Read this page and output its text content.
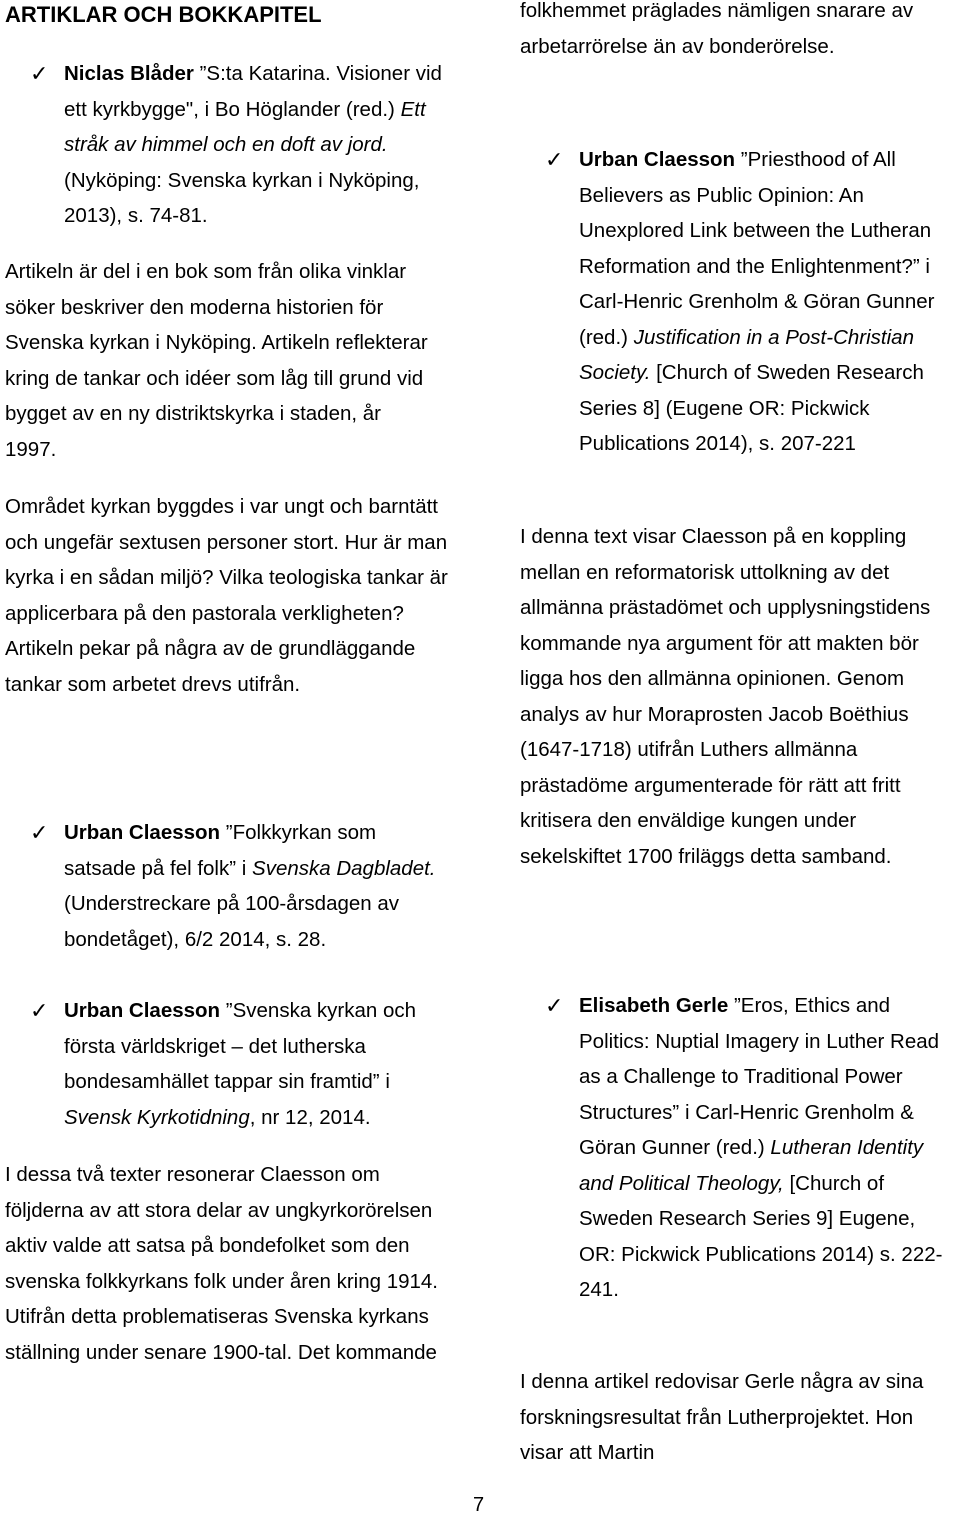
ARTIKLAR OCH BOKKAPITEL
✓ Niclas Blåder ”S:ta Katarina. Visioner vid ett kyrkbygge", i Bo Höglander (red.) Ett stråk av himmel och en doft av jord. (Nyköping: Svenska kyrkan i Nyköping, 2013), s. 74-81.

Artikeln är del i en bok som från olika vinklar söker beskriver den moderna historien för Svenska kyrkan i Nyköping. Artikeln reflekterar kring de tankar och idéer som låg till grund vid bygget av en ny distriktskyrka i staden, år 1997.

Området kyrkan byggdes i var ungt och barntätt och ungefär sextusen personer stort. Hur är man kyrka i en sådan miljö? Vilka teologiska tankar är applicerbara på den pastorala verkligheten? Artikeln pekar på några av de grundläggande tankar som arbetet drevs utifrån.

✓ Urban Claesson ”Folkkyrkan som satsade på fel folk” i Svenska Dagbladet. (Understreckare på 100-årsdagen av bondetåget), 6/2 2014, s. 28.
✓ Urban Claesson ”Svenska kyrkan och första världskriget – det lutherska bondesamhället tappar sin framtid” i Svensk Kyrkotidning, nr 12, 2014.

I dessa två texter resonerar Claesson om följderna av att stora delar av ungkyrkorörelsen aktiv valde att satsa på bondefolket som den svenska folkkyrkans folk under åren kring 1914. Utifrån detta problematiseras Svenska kyrkans ställning under senare 1900-tal. Det kommande

folkhemmet präglades nämligen snarare av arbetarrörelse än av bonderörelse.

✓ Urban Claesson ”Priesthood of All Believers as Public Opinion: An Unexplored Link between the Lutheran Reformation and the Enlightenment?” i Carl-Henric Grenholm & Göran Gunner (red.) Justification in a Post-Christian Society. [Church of Sweden Research Series 8] (Eugene OR: Pickwick Publications 2014), s. 207-221

I denna text visar Claesson på en koppling mellan en reformatorisk uttolkning av det allmänna prästadömet och upplysningstidens kommande nya argument för att makten bör ligga hos den allmänna opinionen. Genom analys av hur Moraprosten Jacob Boëthius (1647-1718) utifrån Luthers allmänna prästadöme argumenterade för rätt att fritt kritisera den enväldige kungen under sekelskiftet 1700 friläggs detta samband.

✓ Elisabeth Gerle ”Eros, Ethics and Politics: Nuptial Imagery in Luther Read as a Challenge to Traditional Power Structures” i Carl-Henric Grenholm & Göran Gunner (red.) Lutheran Identity and Political Theology, [Church of Sweden Research Series 9] Eugene, OR: Pickwick Publications 2014) s. 222-241.

I denna artikel redovisar Gerle några av sina forskningsresultat från Lutherprojektet. Hon visar att Martin

7
